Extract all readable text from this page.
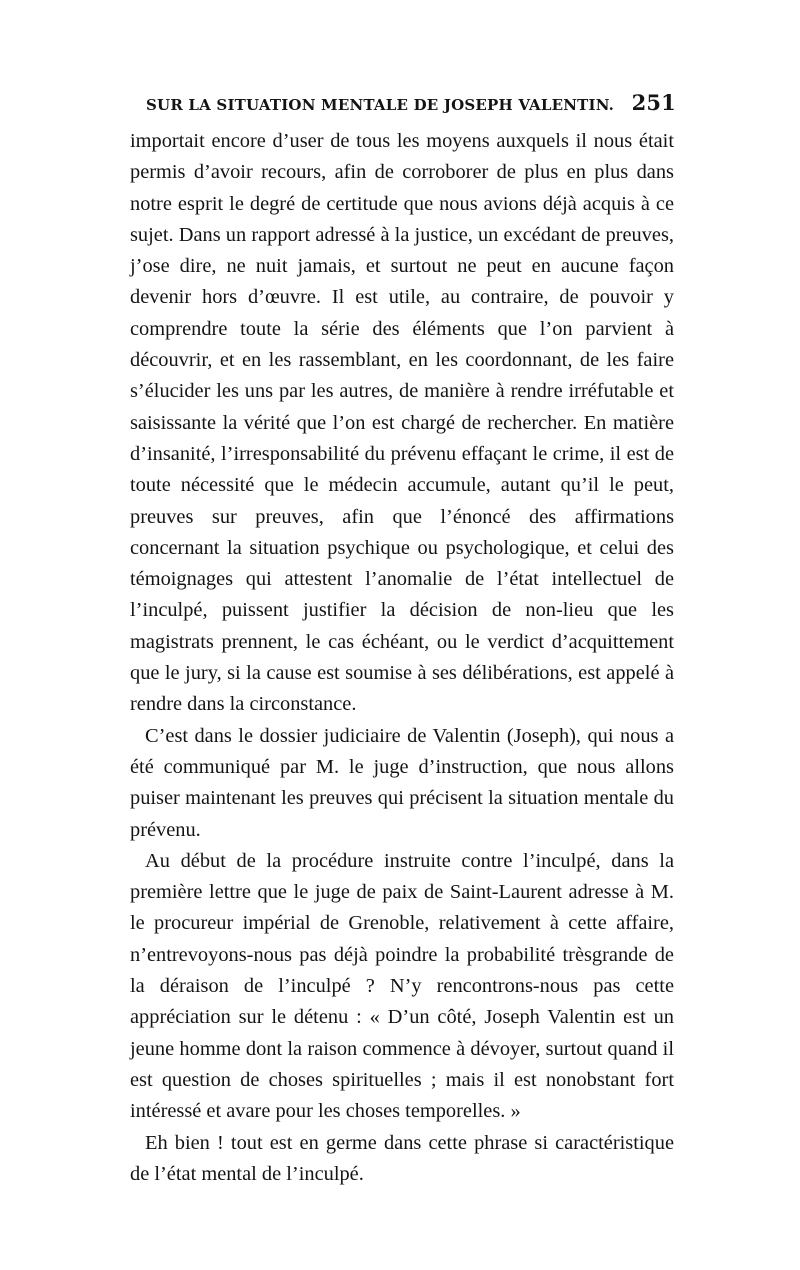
SUR LA SITUATION MENTALE DE JOSEPH VALENTIN. 251

importait encore d’user de tous les moyens auxquels il nous était permis d’avoir recours, afin de corroborer de plus en plus dans notre esprit le degré de certitude que nous avions déjà acquis à ce sujet. Dans un rapport adressé à la justice, un excédant de preuves, j’ose dire, ne nuit jamais, et surtout ne peut en aucune façon devenir hors d’œuvre. Il est utile, au contraire, de pouvoir y comprendre toute la série des éléments que l’on parvient à découvrir, et en les rassemblant, en les coordonnant, de les faire s’élucider les uns par les autres, de manière à rendre irréfutable et saisissante la vérité que l’on est chargé de rechercher. En matière d’insanité, l’irresponsabilité du prévenu effaçant le crime, il est de toute nécessité que le médecin accumule, autant qu’il le peut, preuves sur preuves, afin que l’énoncé des affirmations concernant la situation psychique ou psychologique, et celui des témoignages qui attestent l’anomalie de l’état intellectuel de l’inculpé, puissent justifier la décision de non-lieu que les magistrats prennent, le cas échéant, ou le verdict d’acquittement que le jury, si la cause est soumise à ses délibérations, est appelé à rendre dans la circonstance.

C’est dans le dossier judiciaire de Valentin (Joseph), qui nous a été communiqué par M. le juge d’instruction, que nous allons puiser maintenant les preuves qui précisent la situation mentale du prévenu.

Au début de la procédure instruite contre l’inculpé, dans la première lettre que le juge de paix de Saint-Laurent adresse à M. le procureur impérial de Grenoble, relativement à cette affaire, n’entrevoyons-nous pas déjà poindre la probabilité trèsgrande de la déraison de l’inculpé ? N’y rencontrons-nous pas cette appréciation sur le détenu : « D’un côté, Joseph Valentin est un jeune homme dont la raison commence à dévoyer, surtout quand il est question de choses spirituelles ; mais il est nonobstant fort intéressé et avare pour les choses temporelles. »

Eh bien ! tout est en germe dans cette phrase si caractéristique de l’état mental de l’inculpé.
